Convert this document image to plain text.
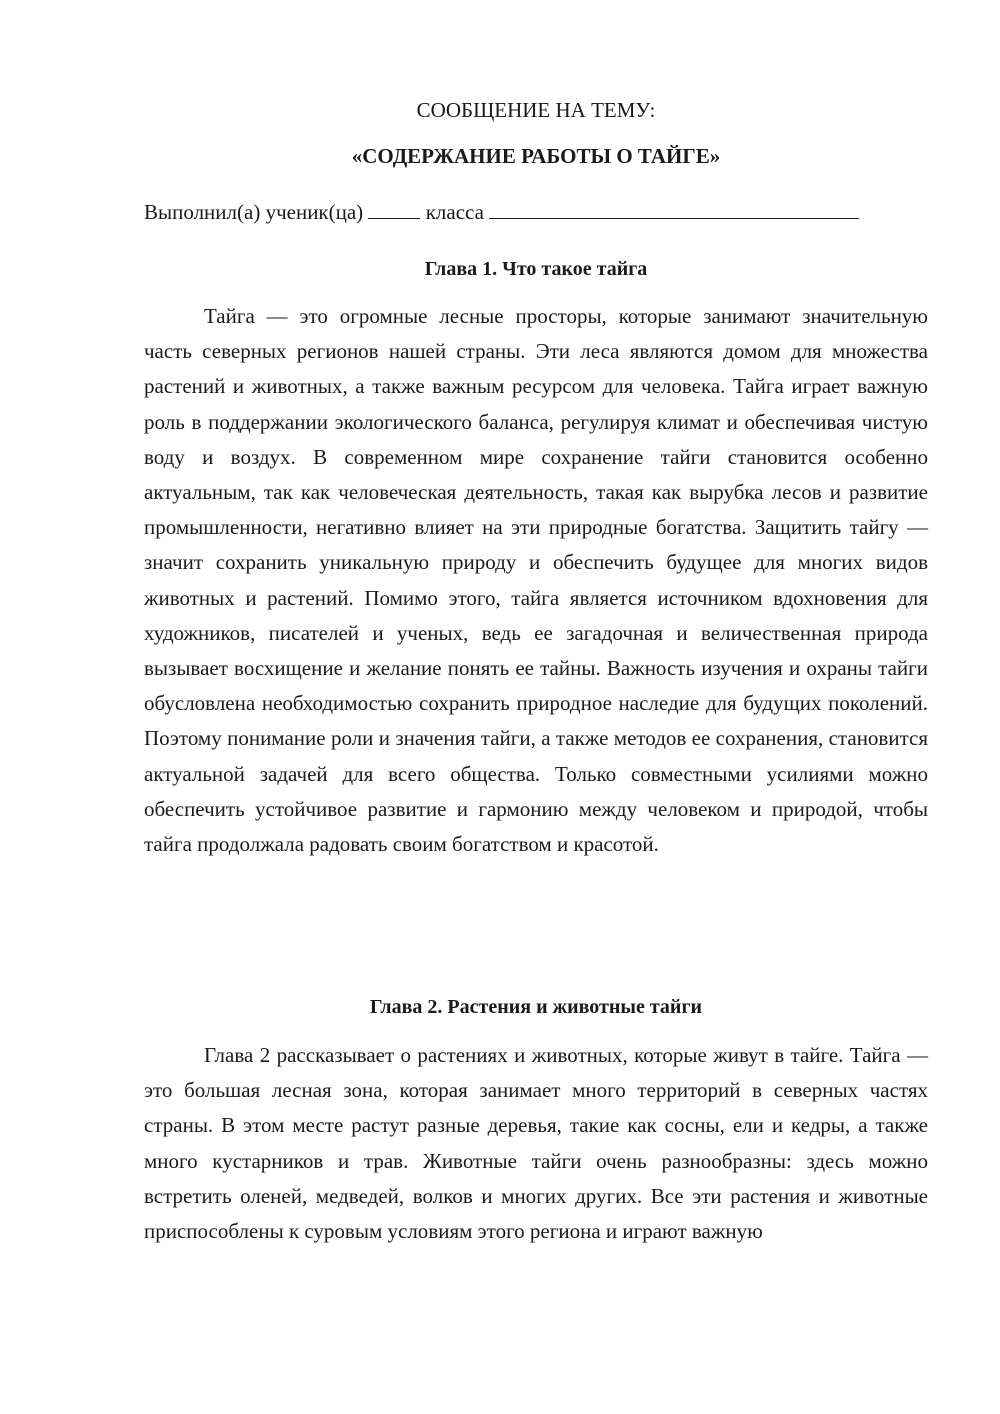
СООБЩЕНИЕ НА ТЕМУ:
«СОДЕРЖАНИЕ РАБОТЫ О ТАЙГЕ»
Выполнил(а) ученик(ца)	класса
Глава 1. Что такое тайга

Тайга — это огромные лесные просторы, которые занимают значительную часть северных регионов нашей страны. Эти леса являются домом для множества растений и животных, а также важным ресурсом для человека. Тайга играет важную роль в поддержании экологического баланса, регулируя климат и обеспечивая чистую воду и воздух. В современном мире сохранение тайги становится особенно актуальным, так как человеческая деятельность, такая как вырубка лесов и развитие промышленности, негативно влияет на эти природные богатства. Защитить тайгу — значит сохранить уникальную природу и обеспечить будущее для многих видов животных и растений. Помимо этого, тайга является источником вдохновения для художников, писателей и ученых, ведь ее загадочная и величественная природа вызывает восхищение и желание понять ее тайны. Важность изучения и охраны тайги обусловлена необходимостью сохранить природное наследие для будущих поколений. Поэтому понимание роли и значения тайги, а также методов ее сохранения, становится актуальной задачей для всего общества. Только совместными усилиями можно обеспечить устойчивое развитие и гармонию между человеком и природой, чтобы тайга продолжала радовать своим богатством и красотой.

Глава 2. Растения и животные тайги

Глава 2 рассказывает о растениях и животных, которые живут в тайге. Тайга — это большая лесная зона, которая занимает много территорий в северных частях страны. В этом месте растут разные деревья, такие как сосны, ели и кедры, а также много кустарников и трав. Животные тайги очень разнообразны: здесь можно встретить оленей, медведей, волков и многих других. Все эти растения и животные приспособлены к суровым условиям этого региона и играют важную
